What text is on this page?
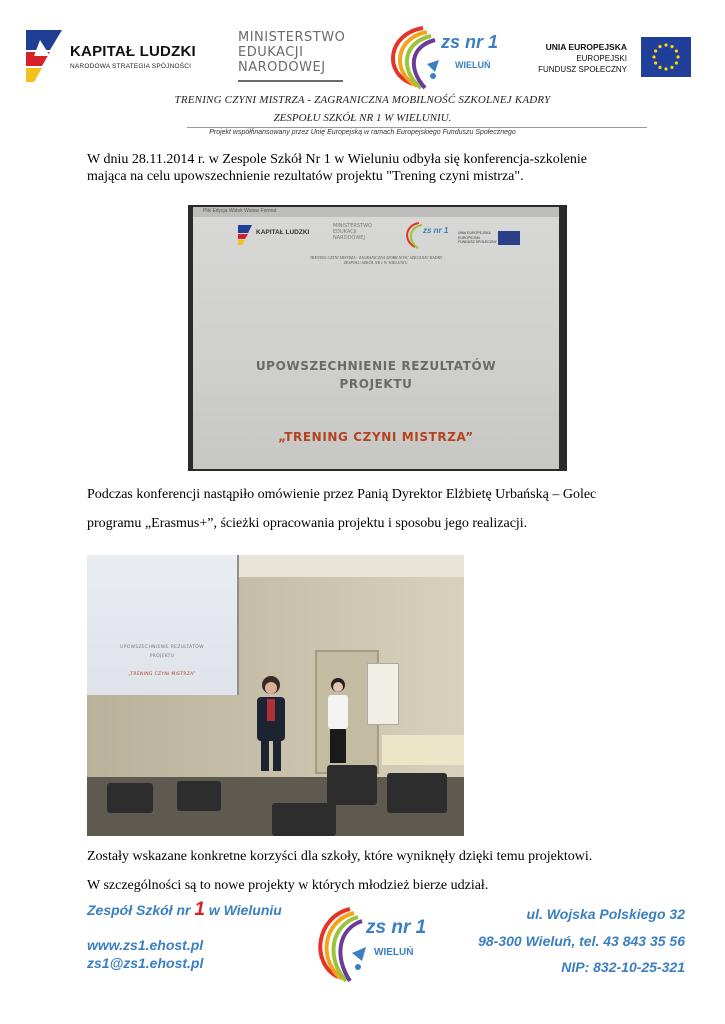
KAPITAŁ LUDZKI
NARODOWA STRATEGIA SPÓJNOŚCI
MINISTERSTWO
EDUKACJI
NARODOWEJ
zs nr 1
WIELUŃ
UNIA EUROPEJSKA
EUROPEJSKI
FUNDUSZ SPOŁECZNY
TRENING CZYNI MISTRZA - ZAGRANICZNA MOBILNOŚĆ SZKOLNEJ KADRY
ZESPOŁU SZKÓŁ NR 1 W WIELUNIU.
Projekt współfinansowany przez Unię Europejską w ramach Europejskiego Funduszu Społecznego
W dniu 28.11.2014 r. w Zespole Szkół Nr 1 w Wieluniu odbyła się konferencja-szkolenie mająca na celu upowszechnienie rezultatów projektu "Trening czyni mistrza".
Plik Edycja Widok Wstaw Format
KAPITAŁ LUDZKI
MINISTERSTWO
EDUKACJI
NARODOWEJ
zs nr 1	UNIA EUROPEJSKA
EUROPEJSKI
FUNDUSZ SPOŁECZNY
TRENING CZYNI MISTRZA - ZAGRANICZNA MOBILNOŚĆ SZKOLNEJ KADRY
ZESPOŁU SZKÓŁ NR 1 W WIELUNIU.
UPOWSZECHNIENIE REZULTATÓW
PROJEKTU
„TRENING CZYNI MISTRZA”
Podczas konferencji nastąpiło omówienie przez Panią Dyrektor Elżbietę Urbańską – Golec
programu „Erasmus+”, ścieżki opracowania projektu i sposobu jego realizacji.
UPOWSZECHNIENIE REZULTATÓW
PROJEKTU
„TRENING CZYNI MISTRZA”
Zostały wskazane konkretne korzyści dla szkoły, które wyniknęły dzięki temu projektowi.
W szczególności są to nowe projekty w których młodzież bierze udział.
Zespół Szkół nr 1 w Wieluniu
www.zs1.ehost.pl
zs1@zs1.ehost.pl
zs nr 1
WIELUŃ
ul. Wojska Polskiego 32
98-300 Wieluń, tel. 43 843 35 56
NIP: 832-10-25-321
